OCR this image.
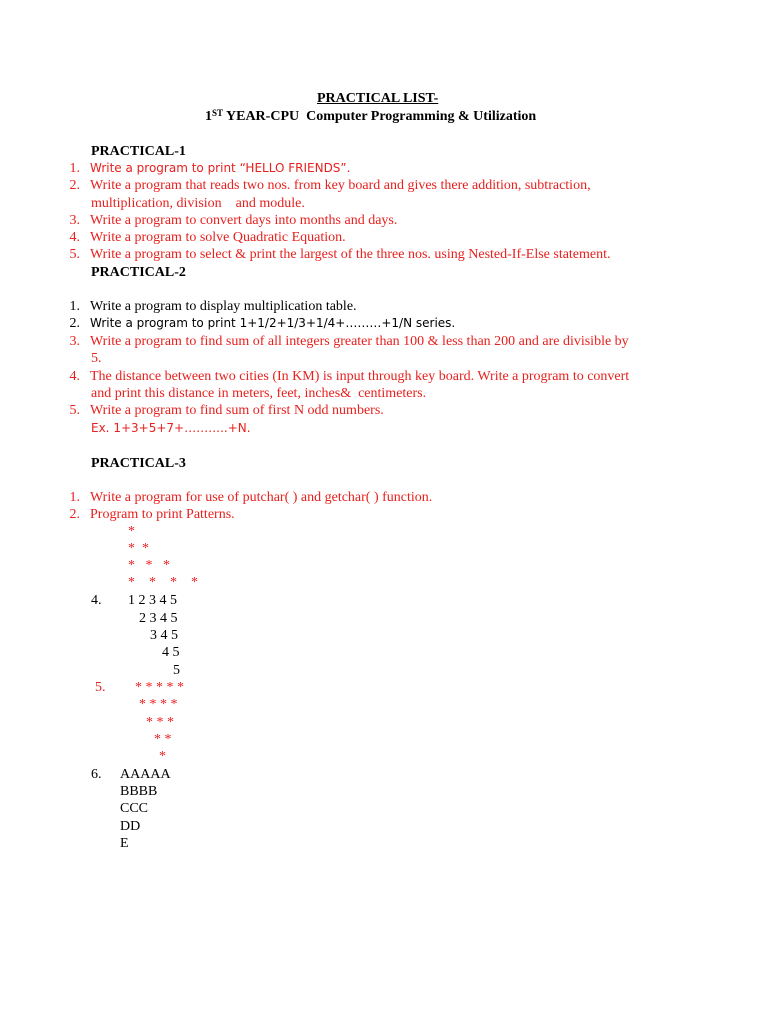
PRACTICAL LIST-
1ST YEAR-CPU  Computer Programming & Utilization
PRACTICAL-1
1. Write a program to print “HELLO FRIENDS”.
2. Write a program that reads two nos. from key board and gives there addition, subtraction,
multiplication, division    and module.
3. Write a program to convert days into months and days.
4. Write a program to solve Quadratic Equation.
5. Write a program to select & print the largest of the three nos. using Nested-If-Else statement.
PRACTICAL-2
1. Write a program to display multiplication table.
2. Write a program to print 1+1/2+1/3+1/4+………+1/N series.
3. Write a program to find sum of all integers greater than 100 & less than 200 and are divisible by
5.
4. The distance between two cities (In KM) is input through key board. Write a program to convert
and print this distance in meters, feet, inches&  centimeters.
5. Write a program to find sum of first N odd numbers.
Ex. 1+3+5+7+………..+N.
PRACTICAL-3
1. Write a program for use of putchar( ) and getchar( ) function.
2. Program to print Patterns.
*
*  *
*   *   *
*    *    *    *
4. 1 2 3 4 5
2 3 4 5
3 4 5
4 5
5
5. * * * * *
* * * *
* * *
* *
*
6. AAAAA
BBBB
CCC
DD
E
